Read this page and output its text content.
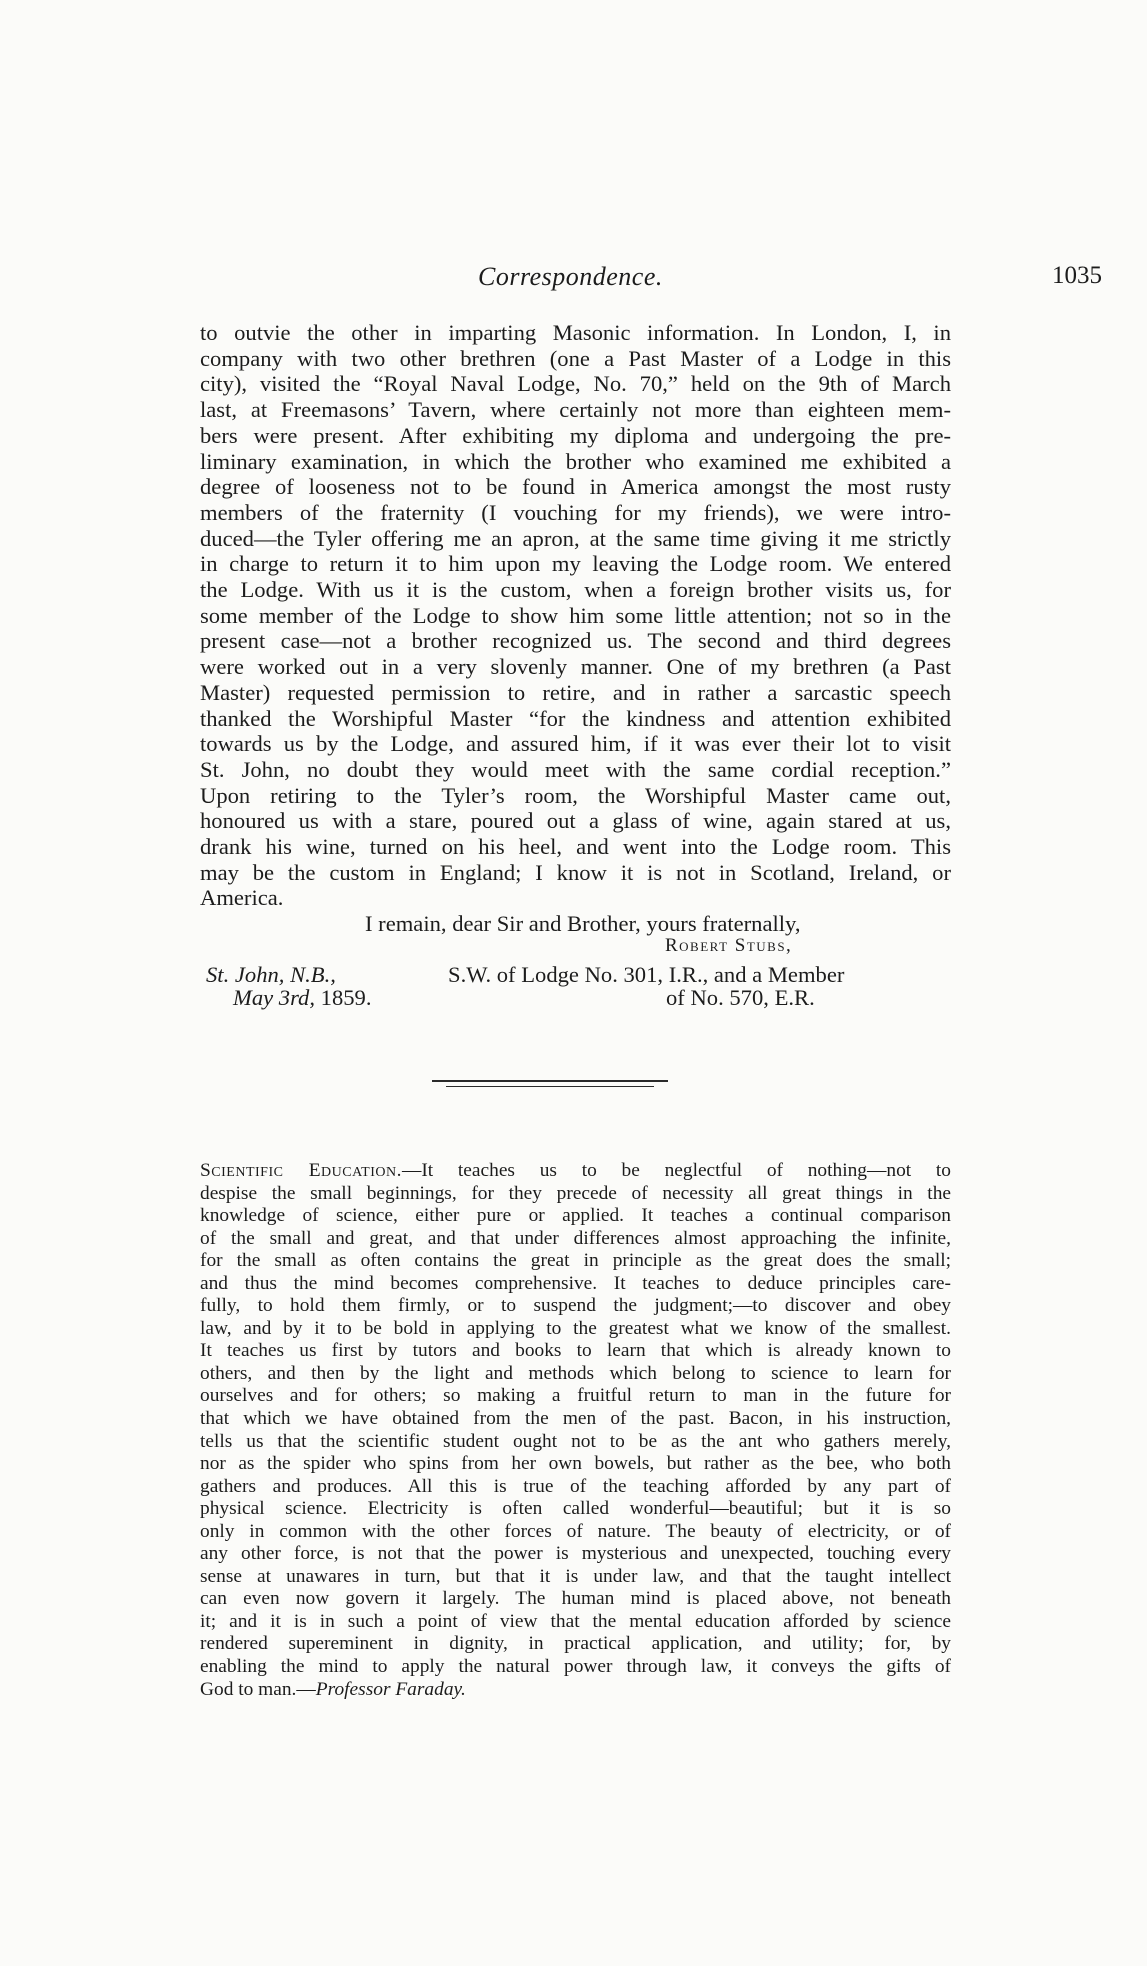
Correspondence.	1035

to outvie the other in imparting Masonic information. In London, I, in
company with two other brethren (one a Past Master of a Lodge in this
city), visited the “Royal Naval Lodge, No. 70,” held on the 9th of March
last, at Freemasons’ Tavern, where certainly not more than eighteen mem-
bers were present. After exhibiting my diploma and undergoing the pre-
liminary examination, in which the brother who examined me exhibited a
degree of looseness not to be found in America amongst the most rusty
members of the fraternity (I vouching for my friends), we were intro-
duced—the Tyler offering me an apron, at the same time giving it me strictly
in charge to return it to him upon my leaving the Lodge room. We entered
the Lodge. With us it is the custom, when a foreign brother visits us, for
some member of the Lodge to show him some little attention; not so in the
present case—not a brother recognized us. The second and third degrees
were worked out in a very slovenly manner. One of my brethren (a Past
Master) requested permission to retire, and in rather a sarcastic speech
thanked the Worshipful Master “for the kindness and attention exhibited
towards us by the Lodge, and assured him, if it was ever their lot to visit
St. John, no doubt they would meet with the same cordial reception.”
Upon retiring to the Tyler’s room, the Worshipful Master came out,
honoured us with a stare, poured out a glass of wine, again stared at us,
drank his wine, turned on his heel, and went into the Lodge room. This
may be the custom in England; I know it is not in Scotland, Ireland, or
America.

I remain, dear Sir and Brother, yours fraternally,
Robert Stubs,
St. John, N.B.,
May 3rd, 1859.
S.W. of Lodge No. 301, I.R., and a Member
of No. 570, E.R.

Scientific Education.—It teaches us to be neglectful of nothing—not to
despise the small beginnings, for they precede of necessity all great things in the
knowledge of science, either pure or applied. It teaches a continual comparison
of the small and great, and that under differences almost approaching the infinite,
for the small as often contains the great in principle as the great does the small;
and thus the mind becomes comprehensive. It teaches to deduce principles care-
fully, to hold them firmly, or to suspend the judgment;—to discover and obey
law, and by it to be bold in applying to the greatest what we know of the smallest.
It teaches us first by tutors and books to learn that which is already known to
others, and then by the light and methods which belong to science to learn for
ourselves and for others; so making a fruitful return to man in the future for
that which we have obtained from the men of the past. Bacon, in his instruction,
tells us that the scientific student ought not to be as the ant who gathers merely,
nor as the spider who spins from her own bowels, but rather as the bee, who both
gathers and produces. All this is true of the teaching afforded by any part of
physical science. Electricity is often called wonderful—beautiful; but it is so
only in common with the other forces of nature. The beauty of electricity, or of
any other force, is not that the power is mysterious and unexpected, touching every
sense at unawares in turn, but that it is under law, and that the taught intellect
can even now govern it largely. The human mind is placed above, not beneath
it; and it is in such a point of view that the mental education afforded by science
rendered supereminent in dignity, in practical application, and utility; for, by
enabling the mind to apply the natural power through law, it conveys the gifts of
God to man.—Professor Faraday.
